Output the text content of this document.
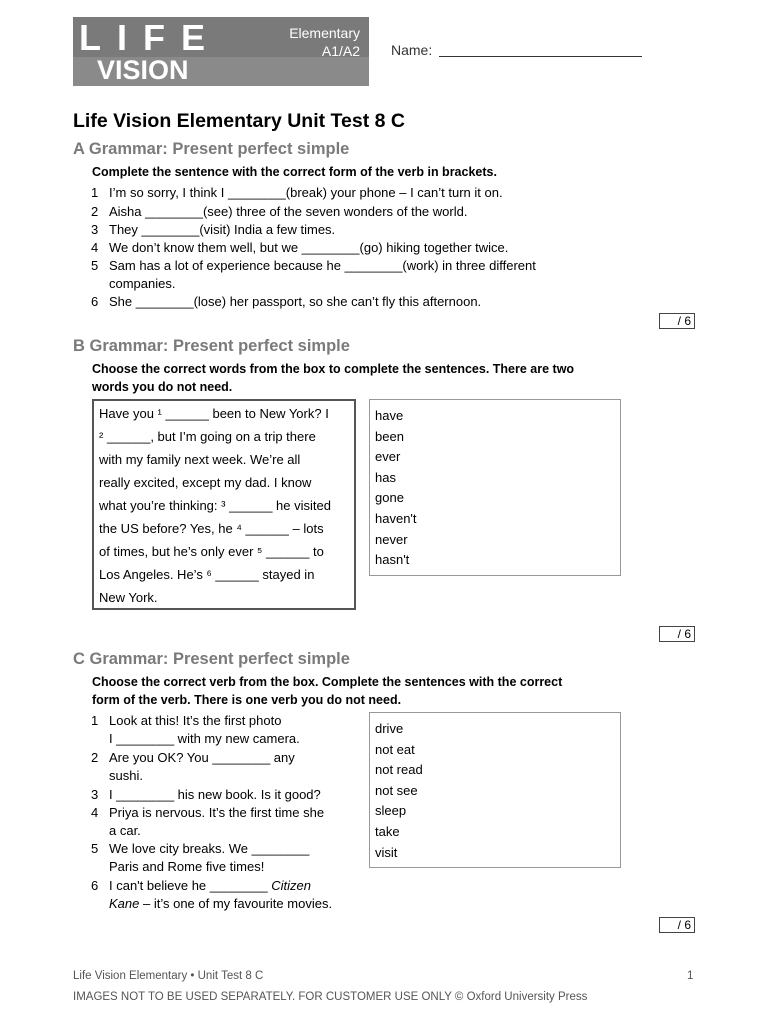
LIFE
VISION
Elementary
A1/A2 Name:
Life Vision Elementary Unit Test 8 C
A Grammar: Present perfect simple
Complete the sentence with the correct form of the verb in brackets.
1 I’m so sorry, I think I ________(break) your phone – I can’t turn it on.
2 Aisha ________(see) three of the seven wonders of the world.
3 They ________(visit) India a few times.
4 We don’t know them well, but we ________(go) hiking together twice.
5 Sam has a lot of experience because he ________(work) in three different
companies.
6 She ________(lose) her passport, so she can’t fly this afternoon.
/ 6
B Grammar: Present perfect simple
Choose the correct words from the box to complete the sentences. There are two
words you do not need.
Have you ¹ ______ been to New York? I
² ______, but I’m going on a trip there
with my family next week. We’re all
really excited, except my dad. I know
what you’re thinking: ³ ______ he visited
the US before? Yes, he ⁴ ______ – lots
of times, but he’s only ever ⁵ ______ to
Los Angeles. He’s ⁶ ______ stayed in
New York.
have
been
ever
has
gone
haven't
never
hasn't
/ 6
C Grammar: Present perfect simple
Choose the correct verb from the box. Complete the sentences with the correct
form of the verb. There is one verb you do not need.
1 Look at this! It’s the first photo
I ________ with my new camera.
2 Are you OK? You ________ any
sushi.
3 I ________ his new book. Is it good?
4 Priya is nervous. It’s the first time she
a car.
5 We love city breaks. We ________
Paris and Rome five times!
6 I can't believe he ________ Citizen
Kane – it’s one of my favourite movies.
drive
not eat
not read
not see
sleep
take
visit
/ 6
Life Vision Elementary • Unit Test 8 C	1
IMAGES NOT TO BE USED SEPARATELY. FOR CUSTOMER USE ONLY © Oxford University Press
